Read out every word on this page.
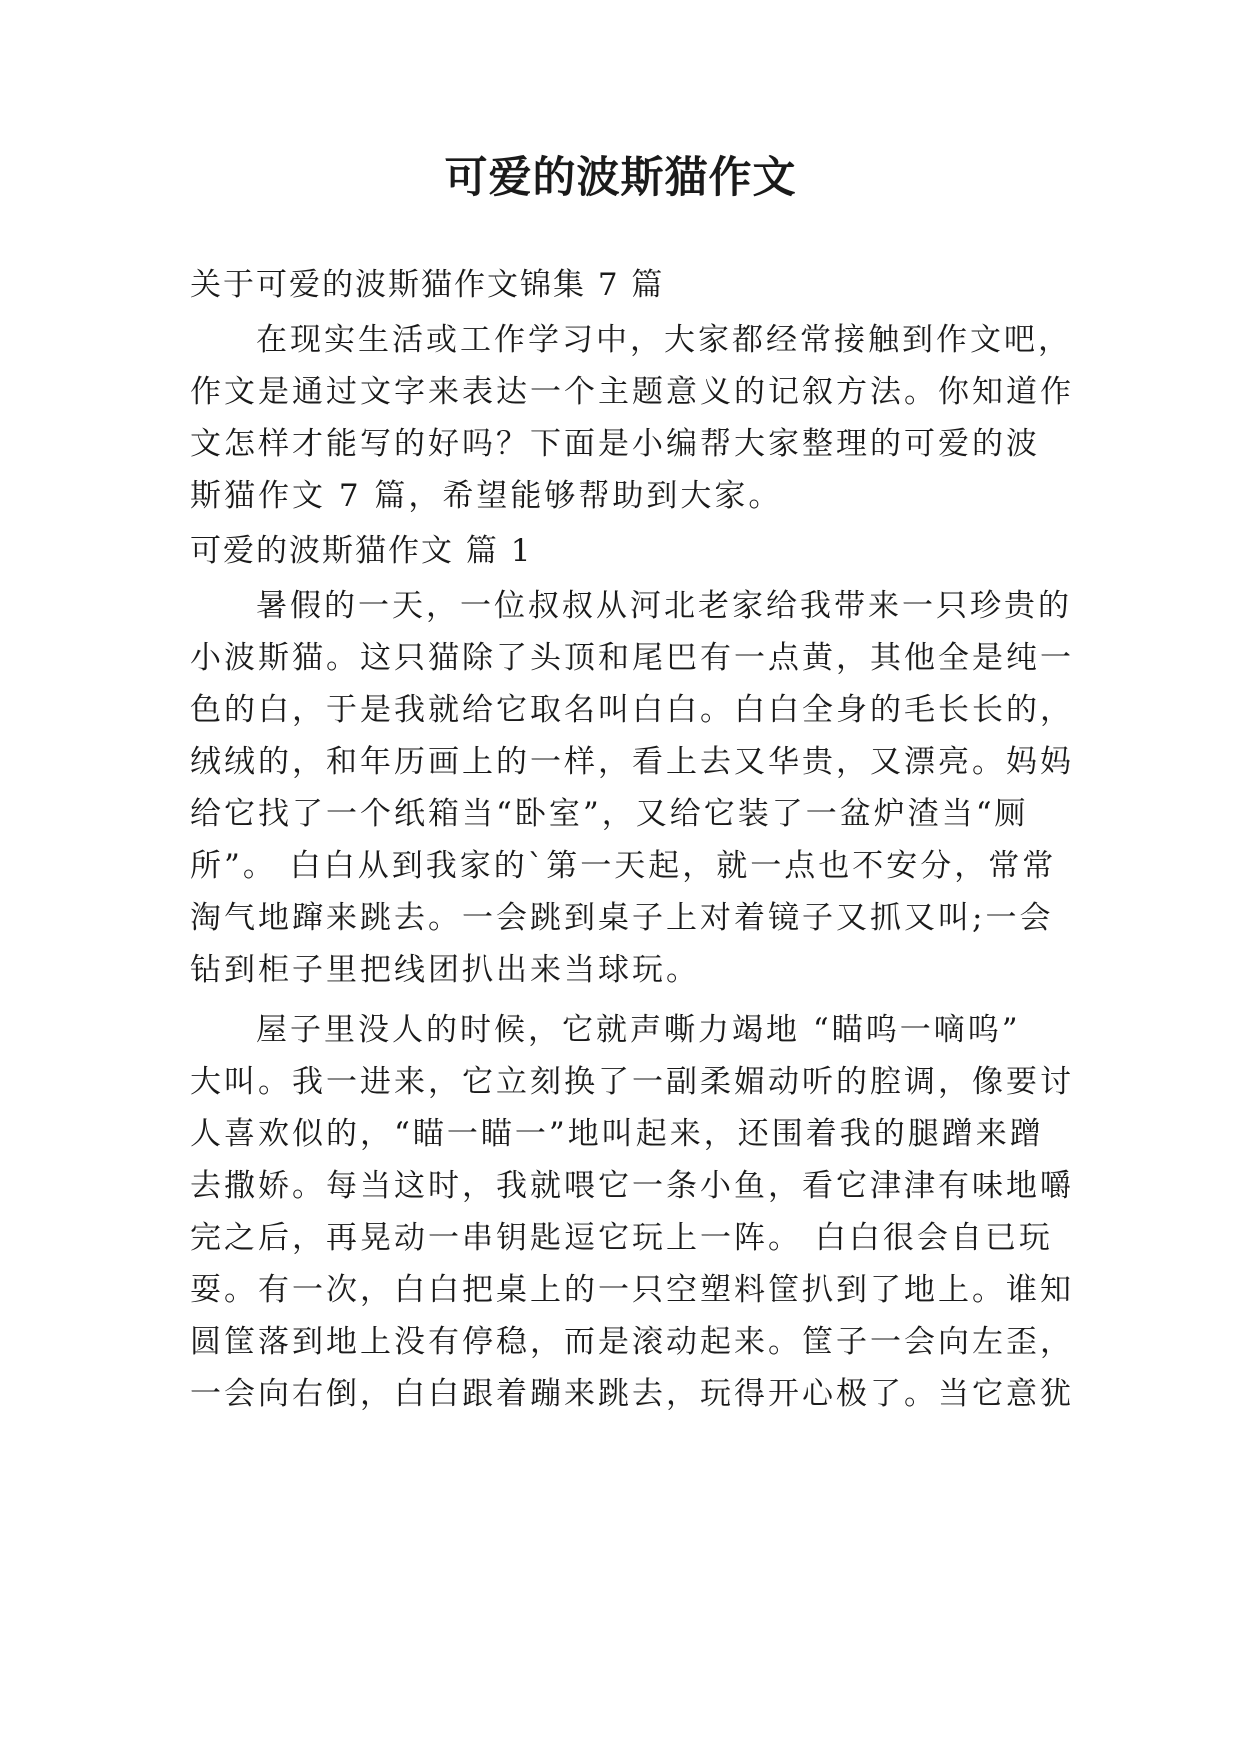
可爱的波斯猫作文
关于可爱的波斯猫作文锦集 7 篇
在现实生活或工作学习中，大家都经常接触到作文吧，
作文是通过文字来表达一个主题意义的记叙方法。你知道作
文怎样才能写的好吗？下面是小编帮大家整理的可爱的波
斯猫作文 7 篇，希望能够帮助到大家。
可爱的波斯猫作文 篇 1
暑假的一天，一位叔叔从河北老家给我带来一只珍贵的
小波斯猫。这只猫除了头顶和尾巴有一点黄，其他全是纯一
色的白，于是我就给它取名叫白白。白白全身的毛长长的，
绒绒的，和年历画上的一样，看上去又华贵，又漂亮。妈妈
给它找了一个纸箱当“卧室”，又给它装了一盆炉渣当“厕
所”。 白白从到我家的`第一天起，就一点也不安分，常常
淘气地蹿来跳去。一会跳到桌子上对着镜子又抓又叫;一会
钻到柜子里把线团扒出来当球玩。
屋子里没人的时候，它就声嘶力竭地 “瞄呜一嘀呜”
大叫。我一进来，它立刻换了一副柔媚动听的腔调，像要讨
人喜欢似的，“瞄一瞄一”地叫起来，还围着我的腿蹭来蹭
去撒娇。每当这时，我就喂它一条小鱼，看它津津有味地嚼
完之后，再晃动一串钥匙逗它玩上一阵。 白白很会自已玩
耍。有一次，白白把桌上的一只空塑料筐扒到了地上。谁知
圆筐落到地上没有停稳，而是滚动起来。筐子一会向左歪，
一会向右倒，白白跟着蹦来跳去，玩得开心极了。当它意犹
